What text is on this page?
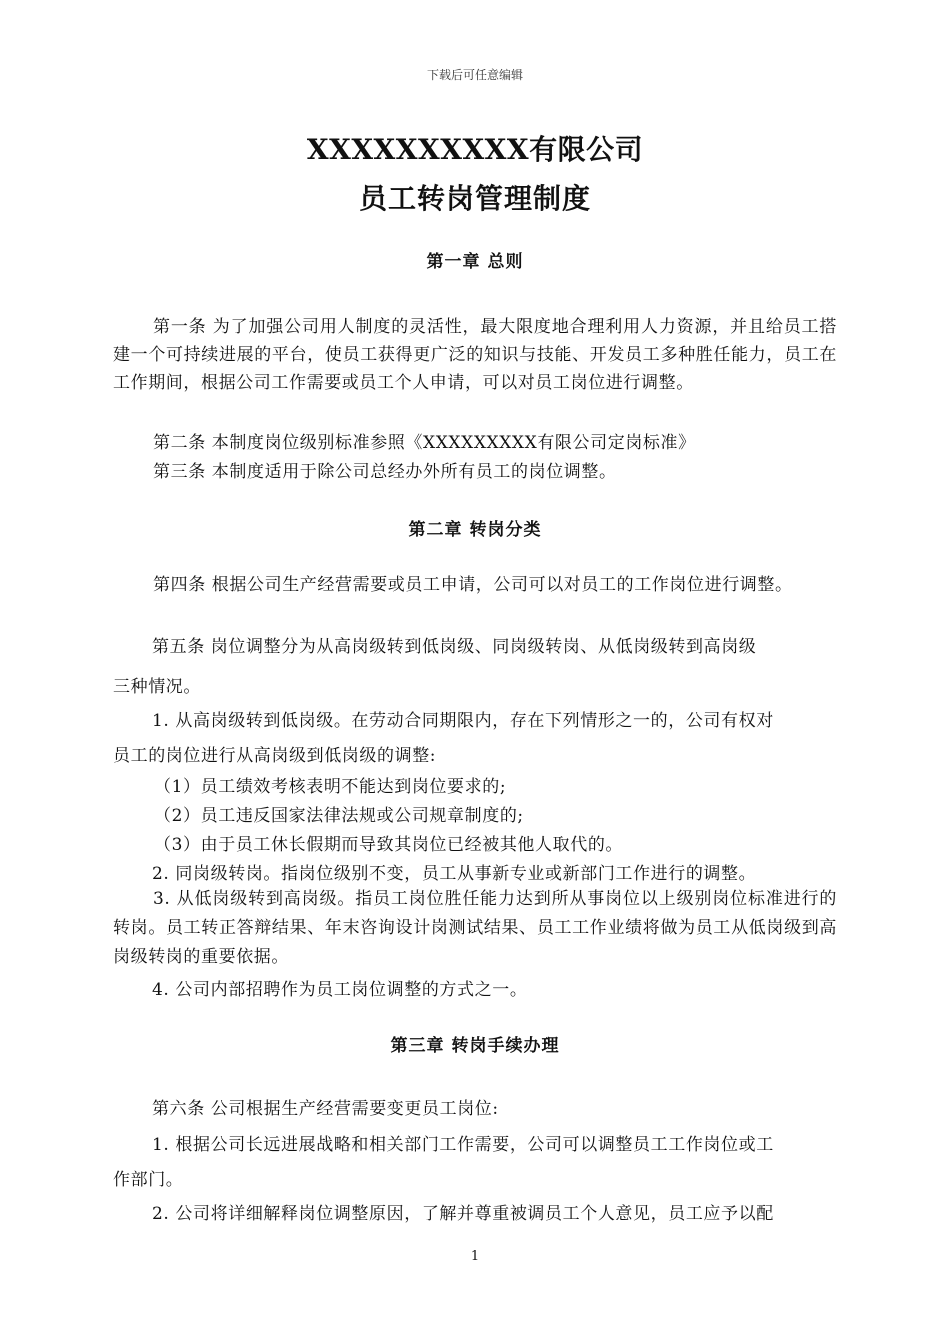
下载后可任意编辑
XXXXXXXXXX有限公司
员工转岗管理制度
第一章 总则
第一条 为了加强公司用人制度的灵活性，最大限度地合理利用人力资源，并且给员工搭建一个可持续进展的平台，使员工获得更广泛的知识与技能、开发员工多种胜任能力，员工在工作期间，根据公司工作需要或员工个人申请，可以对员工岗位进行调整。
第二条 本制度岗位级别标准参照《XXXXXXXXX有限公司定岗标准》
第三条 本制度适用于除公司总经办外所有员工的岗位调整。
第二章 转岗分类
第四条 根据公司生产经营需要或员工申请，公司可以对员工的工作岗位进行调整。
第五条 岗位调整分为从高岗级转到低岗级、同岗级转岗、从低岗级转到高岗级
三种情况。
1. 从高岗级转到低岗级。在劳动合同期限内，存在下列情形之一的，公司有权对
员工的岗位进行从高岗级到低岗级的调整:
（1）员工绩效考核表明不能达到岗位要求的;
（2）员工违反国家法律法规或公司规章制度的;
（3）由于员工休长假期而导致其岗位已经被其他人取代的。
2. 同岗级转岗。指岗位级别不变，员工从事新专业或新部门工作进行的调整。
3. 从低岗级转到高岗级。指员工岗位胜任能力达到所从事岗位以上级别岗位标准进行的转岗。员工转正答辩结果、年末咨询设计岗测试结果、员工工作业绩将做为员工从低岗级到高岗级转岗的重要依据。
4. 公司内部招聘作为员工岗位调整的方式之一。
第三章 转岗手续办理
第六条 公司根据生产经营需要变更员工岗位:
1. 根据公司长远进展战略和相关部门工作需要，公司可以调整员工工作岗位或工
作部门。
2. 公司将详细解释岗位调整原因，了解并尊重被调员工个人意见，员工应予以配
1
